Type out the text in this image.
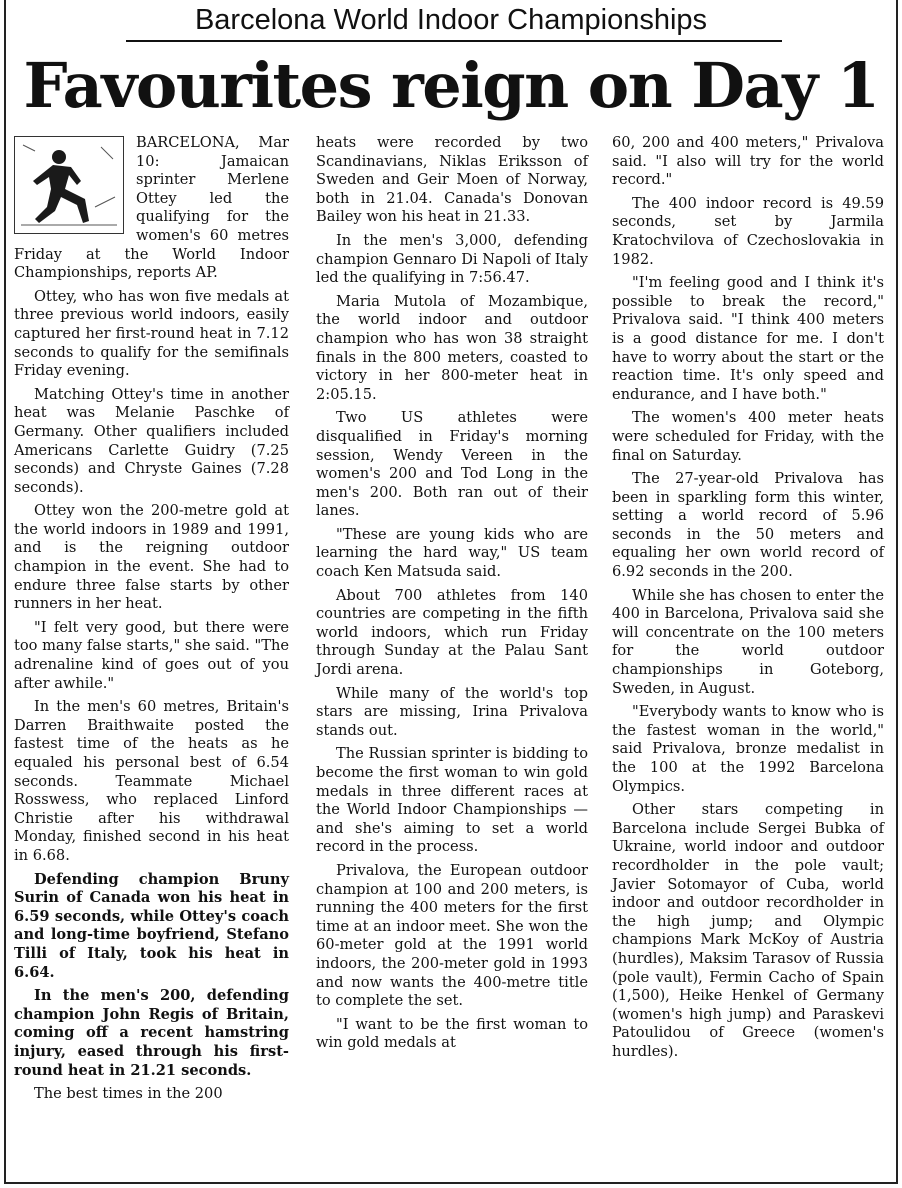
Barcelona World Indoor Championships
Favourites reign on Day 1

BARCELONA, Mar 10:	Jamaican sprinter Merlene Ottey led the qualifying for the women's 60 metres Friday at the World Indoor Championships, reports AP.

Ottey, who has won five medals at three previous world indoors, easily captured her first-round heat in 7.12 seconds to qualify for the semifinals Friday evening.

Matching Ottey's time in another heat was Melanie Paschke of Germany. Other qualifiers included Americans Carlette Guidry (7.25 seconds) and Chryste Gaines (7.28 seconds).

Ottey won the 200-metre gold at the world indoors in 1989 and 1991, and is the reigning outdoor champion in the event. She had to endure three false starts by other runners in her heat.

"I felt very good, but there were too many false starts," she said. "The adrenaline kind of goes out of you after awhile."

In the men's 60 metres, Britain's Darren Braithwaite posted the fastest time of the heats as he equaled his personal best of 6.54 seconds. Teammate Michael Rosswess, who replaced Linford Christie after his withdrawal Monday, finished second in his heat in 6.68.

Defending champion Bruny Surin of Canada won his heat in 6.59 seconds, while Ottey's coach and long-time boyfriend, Stefano Tilli of Italy, took his heat in 6.64.

In the men's 200, defending champion John Regis of Britain, coming off a recent hamstring injury, eased through his first-round heat in 21.21 seconds.

The best times in the 200

heats were recorded by two Scandinavians, Niklas Eriksson of Sweden and Geir Moen of Norway, both in 21.04. Canada's Donovan Bailey won his heat in 21.33.

In the men's 3,000, defending champion Gennaro Di Napoli of Italy led the qualifying in 7:56.47.

Maria Mutola of Mozambique, the world indoor and outdoor champion who has won 38 straight finals in the 800 meters, coasted to victory in her 800-meter heat in 2:05.15.

Two US athletes were disqualified in Friday's morning session, Wendy Vereen in the women's 200 and Tod Long in the men's 200. Both ran out of their lanes.

"These are young kids who are learning the hard way," US team coach Ken Matsuda said.

About 700 athletes from 140 countries are competing in the fifth world indoors, which run Friday through Sunday at the Palau Sant Jordi arena.

While many of the world's top stars are missing, Irina Privalova stands out.

The Russian sprinter is bidding to become the first woman to win gold medals in three different races at the World Indoor Championships — and she's aiming to set a world record in the process.

Privalova, the European outdoor champion at 100 and 200 meters, is running the 400 meters for the first time at an indoor meet. She won the 60-meter gold at the 1991 world indoors, the 200-meter gold in 1993 and now wants the 400-metre title to complete the set.

"I want to be the first woman to win gold medals at

60, 200 and 400 meters," Privalova said. "I also will try for the world record."

The 400 indoor record is 49.59 seconds, set by Jarmila Kratochvilova of Czechoslovakia in 1982.

"I'm feeling good and I think it's possible to break the record," Privalova said. "I think 400 meters is a good distance for me. I don't have to worry about the start or the reaction time. It's only speed and endurance, and I have both."

The women's 400 meter heats were scheduled for Friday, with the final on Saturday.

The 27-year-old Privalova has been in sparkling form this winter, setting a world record of 5.96 seconds in the 50 meters and equaling her own world record of 6.92 seconds in the 200.

While she has chosen to enter the 400 in Barcelona, Privalova said she will concentrate on the 100 meters for the world outdoor championships in Goteborg, Sweden, in August.

"Everybody wants to know who is the fastest woman in the world," said Privalova, bronze medalist in the 100 at the 1992 Barcelona Olympics.

Other stars competing in Barcelona include Sergei Bubka of Ukraine, world indoor and outdoor recordholder in the pole vault; Javier Sotomayor of Cuba, world indoor and outdoor recordholder in the high jump; and Olympic champions Mark McKoy of Austria (hurdles), Maksim Tarasov of Russia (pole vault), Fermin Cacho of Spain (1,500), Heike Henkel of Germany (women's high jump) and Paraskevi Patoulidou of Greece (women's hurdles).
